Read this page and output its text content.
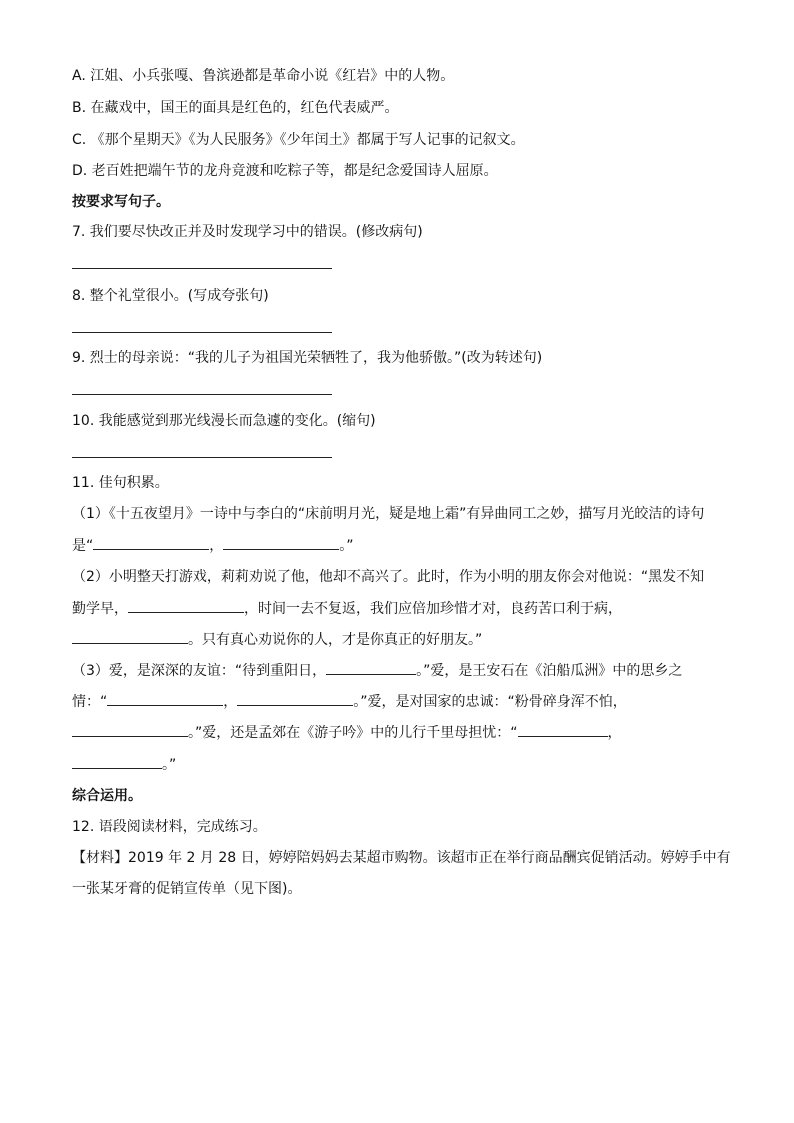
A. 江姐、小兵张嘎、鲁滨逊都是革命小说《红岩》中的人物。
B. 在藏戏中，国王的面具是红色的，红色代表威严。
C. 《那个星期天》《为人民服务》《少年闰土》都属于写人记事的记叙文。
D. 老百姓把端午节的龙舟竞渡和吃粽子等，都是纪念爱国诗人屈原。
按要求写句子。
7. 我们要尽快改正并及时发现学习中的错误。(修改病句)
8. 整个礼堂很小。(写成夸张句)
9. 烈士的母亲说：“我的儿子为祖国光荣牺牲了，我为他骄傲。”(改为转述句)
10. 我能感觉到那光线漫长而急遽的变化。(缩句)
11. 佳句积累。
（1）《十五夜望月》一诗中与李白的“床前明月光，疑是地上霜”有异曲同工之妙，描写月光皎洁的诗句
是“	，	。”
（2）小明整天打游戏，莉莉劝说了他，他却不高兴了。此时，作为小明的朋友你会对他说：“黑发不知
勤学早，	，时间一去不复返，我们应倍加珍惜才对，良药苦口利于病，
。只有真心劝说你的人，才是你真正的好朋友。”
（3）爱，是深深的友谊：“待到重阳日，	。”爱，是王安石在《泊船瓜洲》中的思乡之
情：“	，	。”爱，是对国家的忠诚：“粉骨碎身浑不怕，
。”爱，还是孟郊在《游子吟》中的儿行千里母担忧：“	，
。”
综合运用。
12. 语段阅读材料，完成练习。
【材料】2019 年 2 月 28 日，婷婷陪妈妈去某超市购物。该超市正在举行商品酬宾促销活动。婷婷手中有
一张某牙膏的促销宣传单（见下图)。
